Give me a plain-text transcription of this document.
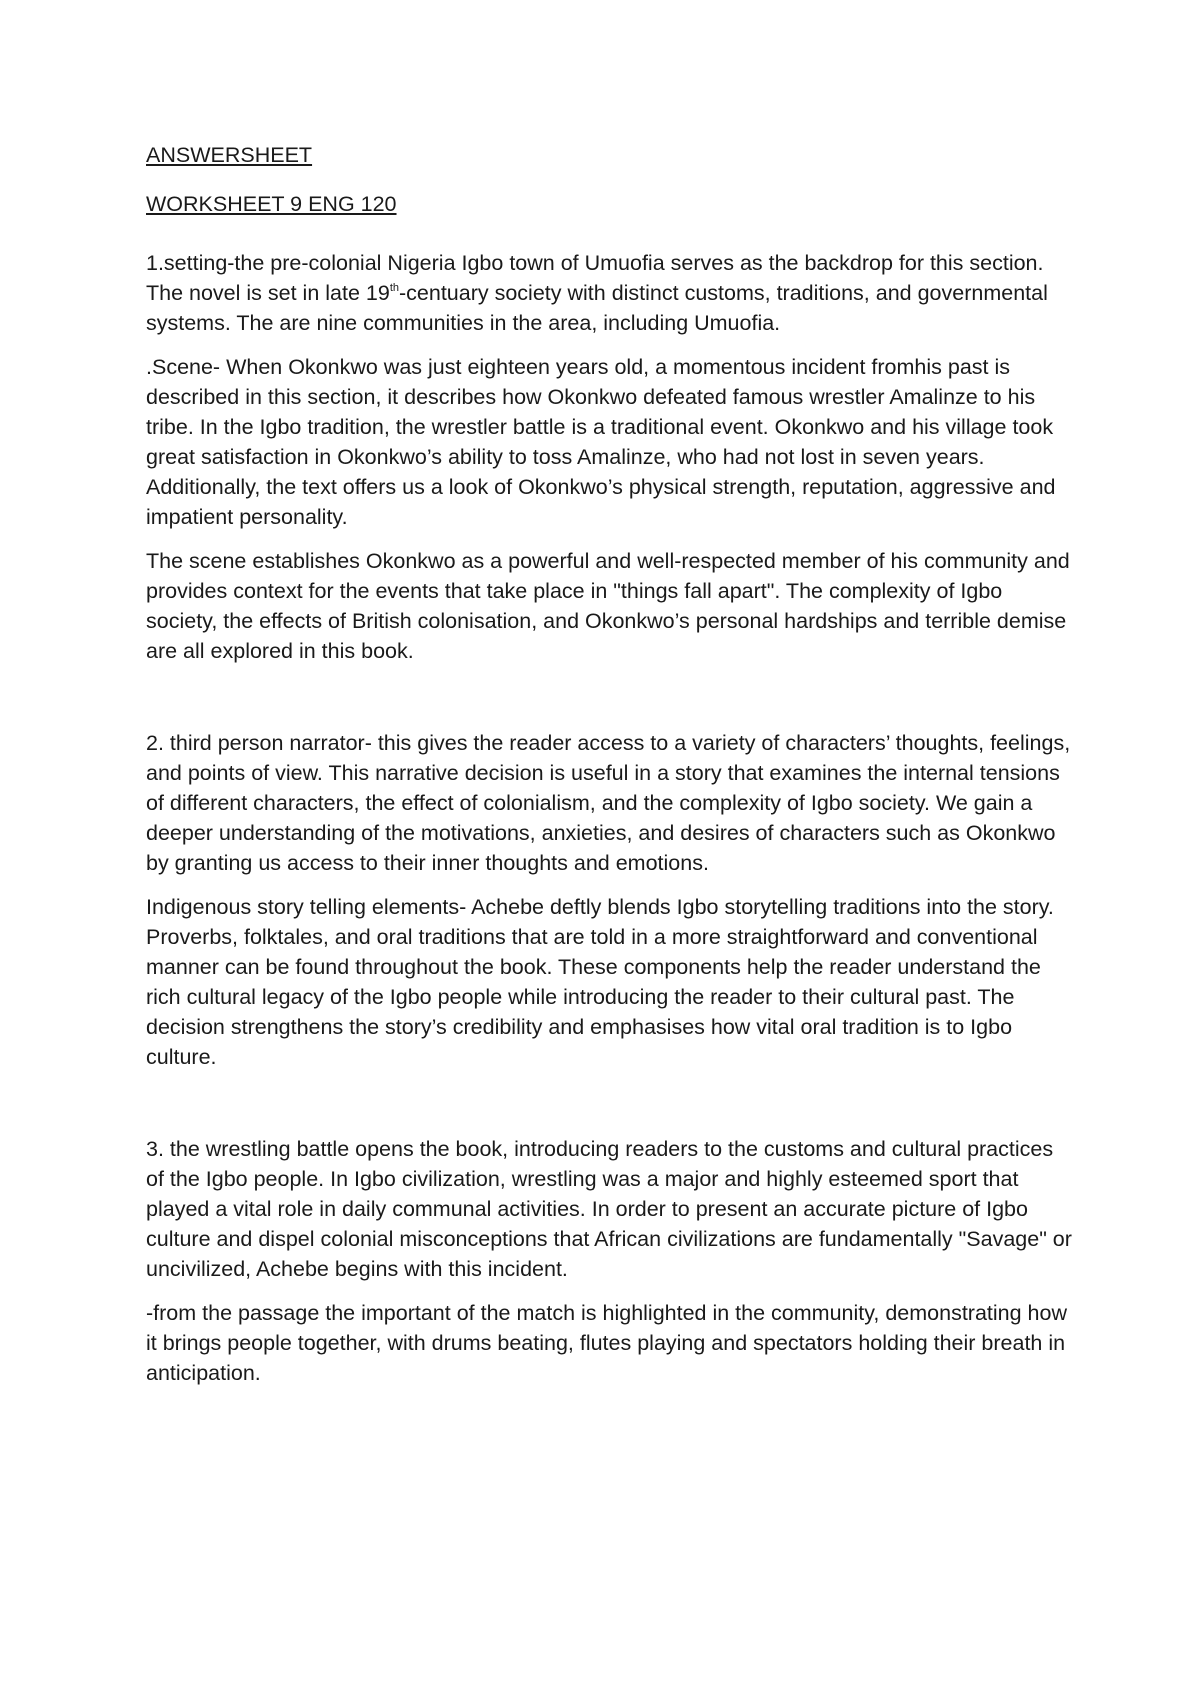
ANSWERSHEET
WORKSHEET 9 ENG 120

1.setting-the pre-colonial Nigeria Igbo town of Umuofia serves as the backdrop for this section. The novel is set in late 19th-centuary society with distinct customs, traditions, and governmental systems. The are nine communities in the area, including Umuofia.

.Scene- When Okonkwo was just eighteen years old, a momentous incident fromhis past is described in this section, it describes how Okonkwo defeated famous wrestler Amalinze to his tribe. In the Igbo tradition, the wrestler battle is a traditional event. Okonkwo and his village took great satisfaction in Okonkwo’s ability to toss Amalinze, who had not lost in seven years. Additionally, the text offers us a look of Okonkwo’s physical strength, reputation, aggressive and impatient personality.

The scene establishes Okonkwo as a powerful and well-respected member of his community and provides context for the events that take place in "things fall apart". The complexity of Igbo society, the effects of British colonisation, and Okonkwo’s personal hardships and terrible demise are all explored in this book.

2. third person narrator- this gives the reader access to a variety of characters’ thoughts, feelings, and points of view. This narrative decision is useful in a story that examines the internal tensions of different characters, the effect of colonialism, and the complexity of Igbo society. We gain a deeper understanding of the motivations, anxieties, and desires of characters such as Okonkwo by granting us access to their inner thoughts and emotions.

Indigenous story telling elements- Achebe deftly blends Igbo storytelling traditions into the story. Proverbs, folktales, and oral traditions that are told in a more straightforward and conventional manner can be found throughout the book. These components help the reader understand the rich cultural legacy of the Igbo people while introducing the reader to their cultural past. The decision strengthens the story’s credibility and emphasises how vital oral tradition is to Igbo culture.

3. the wrestling battle opens the book, introducing readers to the customs and cultural practices of the Igbo people. In Igbo civilization, wrestling was a major and highly esteemed sport that played a vital role in daily communal activities. In order to present an accurate picture of Igbo culture and dispel colonial misconceptions that African civilizations are fundamentally "Savage" or uncivilized, Achebe begins with this incident.

-from the passage the important of the match is highlighted in the community, demonstrating how it brings people together, with drums beating, flutes playing and spectators holding their breath in anticipation.
